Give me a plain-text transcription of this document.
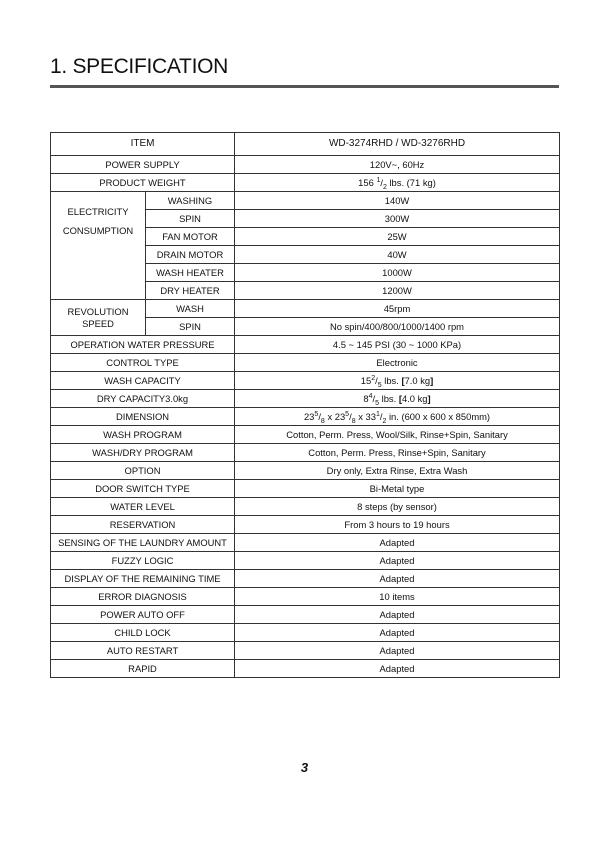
1. SPECIFICATION
ITEM		WD-3274RHD / WD-3276RHD
POWER SUPPLY		120V~, 60Hz
PRODUCT WEIGHT		156 $^1/_2$ lbs. (71 kg)
ELECTRICITY
CONSUMPTION	WASHING	140W
	SPIN	300W
	FAN MOTOR	25W
	DRAIN MOTOR	40W
	WASH HEATER	1000W
	DRY HEATER	1200W
REVOLUTION
SPEED	WASH	45rpm
	SPIN	No spin/400/800/1000/1400 rpm
OPERATION WATER PRESSURE		4.5 ~ 145 PSI (30 ~ 1000 KPa)
CONTROL TYPE		Electronic
WASH CAPACITY		$15^2/_5$ lbs. [7.0 kg]
DRY CAPACITY3.0kg		$8^4/_5$ lbs. [4.0 kg]
DIMENSION		$23^5/_8$ x $23^5/_8$ x $33^1/_2$ in. (600 x 600 x 850mm)
WASH PROGRAM		Cotton, Perm. Press, Wool/Silk, Rinse+Spin, Sanitary
WASH/DRY PROGRAM		Cotton, Perm. Press, Rinse+Spin, Sanitary
OPTION		Dry only, Extra Rinse, Extra Wash
DOOR SWITCH TYPE		Bi-Metal type
WATER LEVEL		8 steps (by sensor)
RESERVATION		From 3 hours to 19 hours
SENSING OF THE LAUNDRY AMOUNT		Adapted
FUZZY LOGIC		Adapted
DISPLAY OF THE REMAINING TIME		Adapted
ERROR DIAGNOSIS		10 items
POWER AUTO OFF		Adapted
CHILD LOCK		Adapted
AUTO RESTART		Adapted
RAPID		Adapted
3
